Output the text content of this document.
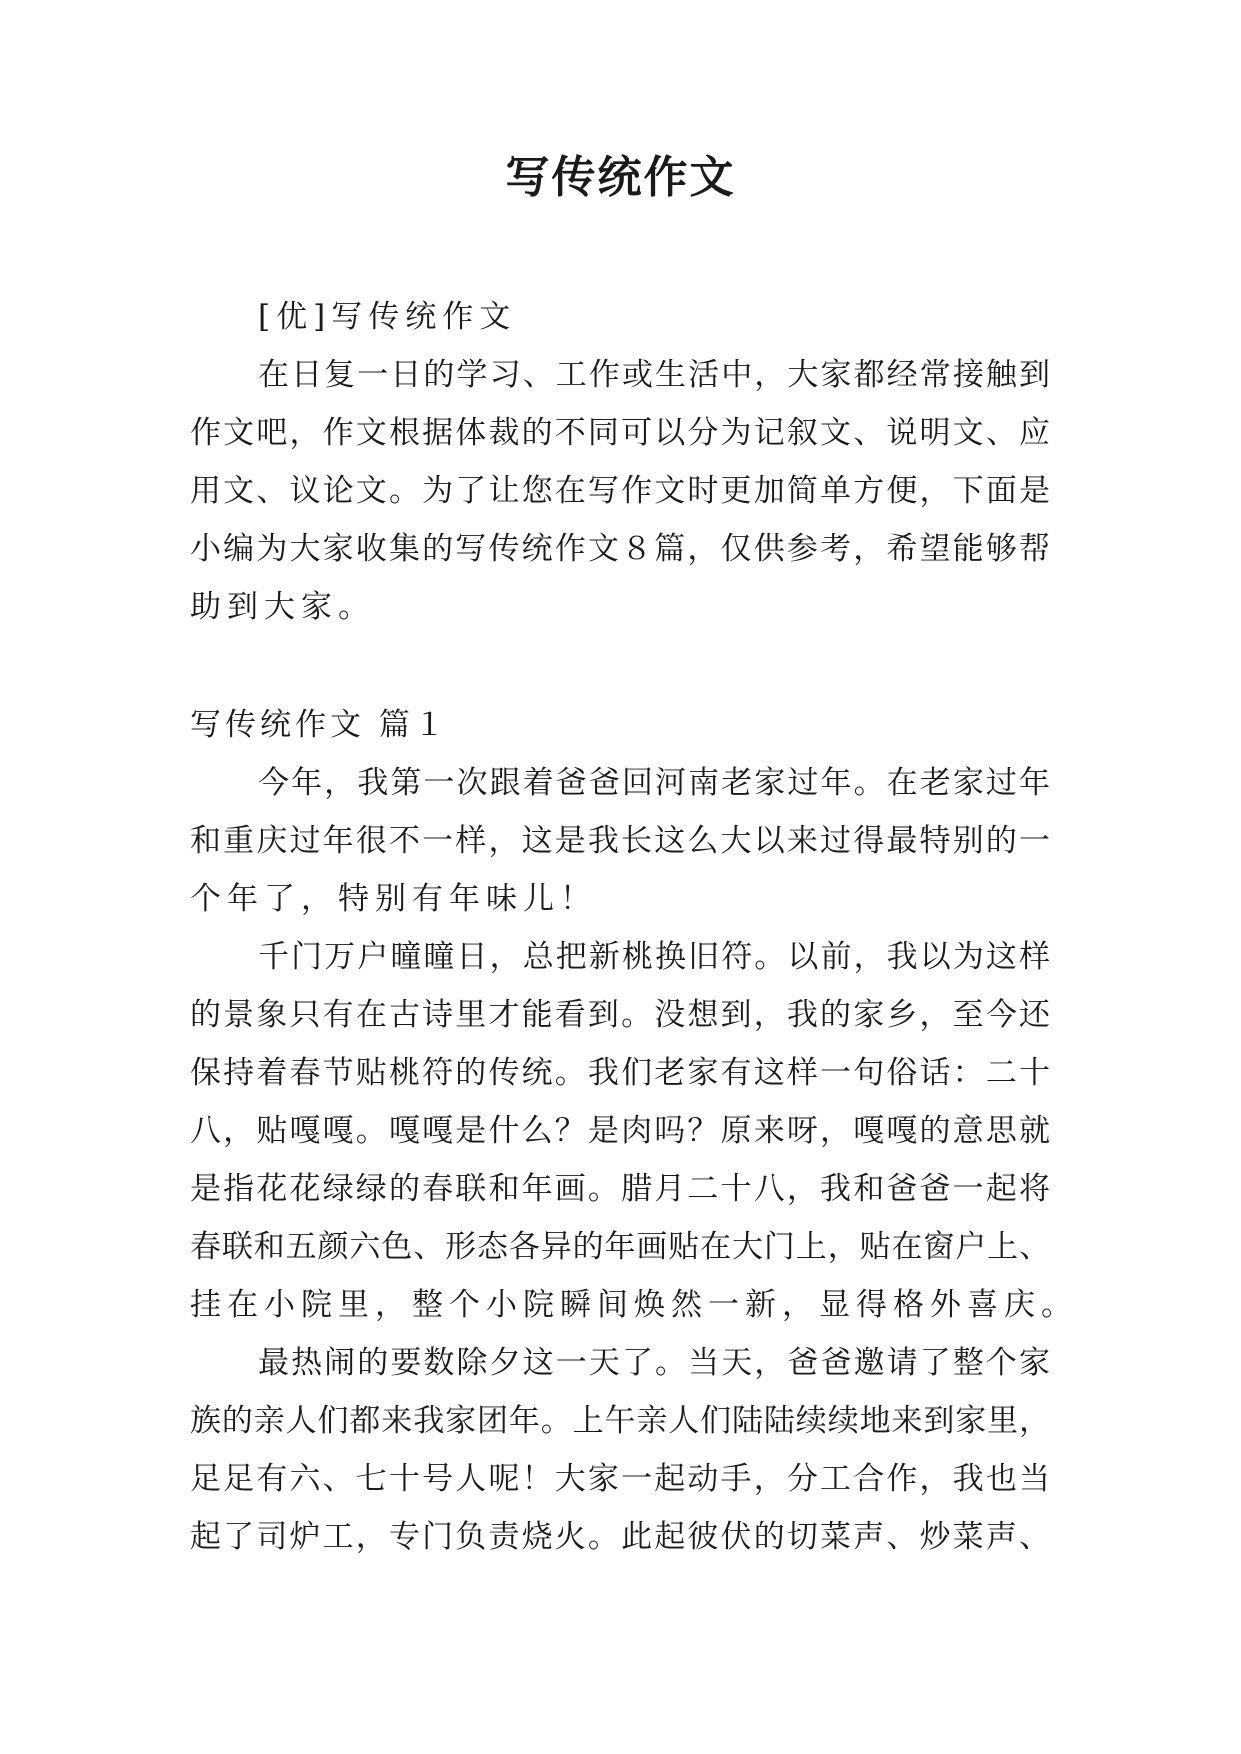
写传统作文
[优]写传统作文
在日复一日的学习、工作或生活中，大家都经常接触到
作文吧，作文根据体裁的不同可以分为记叙文、说明文、应
用文、议论文。为了让您在写作文时更加简单方便，下面是
小编为大家收集的写传统作文８篇，仅供参考，希望能够帮
助到大家。
写传统作文 篇１
今年，我第一次跟着爸爸回河南老家过年。在老家过年
和重庆过年很不一样，这是我长这么大以来过得最特别的一
个年了，特别有年味儿！
千门万户曈曈日，总把新桃换旧符。以前，我以为这样
的景象只有在古诗里才能看到。没想到，我的家乡，至今还
保持着春节贴桃符的传统。我们老家有这样一句俗话：二十
八，贴嘎嘎。嘎嘎是什么？是肉吗？原来呀，嘎嘎的意思就
是指花花绿绿的春联和年画。腊月二十八，我和爸爸一起将
春联和五颜六色、形态各异的年画贴在大门上，贴在窗户上、
挂在小院里，整个小院瞬间焕然一新，显得格外喜庆。
最热闹的要数除夕这一天了。当天，爸爸邀请了整个家
族的亲人们都来我家团年。上午亲人们陆陆续续地来到家里，
足足有六、七十号人呢！大家一起动手，分工合作，我也当
起了司炉工，专门负责烧火。此起彼伏的切菜声、炒菜声、
